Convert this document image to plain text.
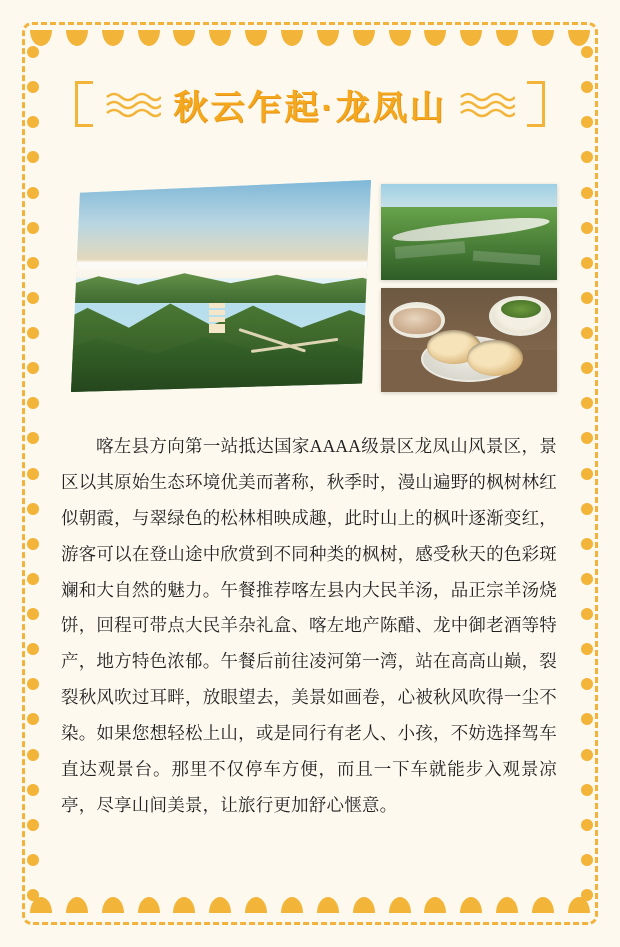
秋云乍起·龙凤山
喀左县方向第一站抵达国家AAAA级景区龙凤山风景区，景区以其原始生态环境优美而著称，秋季时，漫山遍野的枫树林红似朝霞，与翠绿色的松林相映成趣，此时山上的枫叶逐渐变红，游客可以在登山途中欣赏到不同种类的枫树，感受秋天的色彩斑斓和大自然的魅力。午餐推荐喀左县内大民羊汤，品正宗羊汤烧饼，回程可带点大民羊杂礼盒、喀左地产陈醋、龙中御老酒等特产，地方特色浓郁。午餐后前往凌河第一湾，站在高高山巅，裂裂秋风吹过耳畔，放眼望去，美景如画卷，心被秋风吹得一尘不染。如果您想轻松上山，或是同行有老人、小孩，不妨选择驾车直达观景台。那里不仅停车方便，而且一下车就能步入观景凉亭，尽享山间美景，让旅行更加舒心惬意。
